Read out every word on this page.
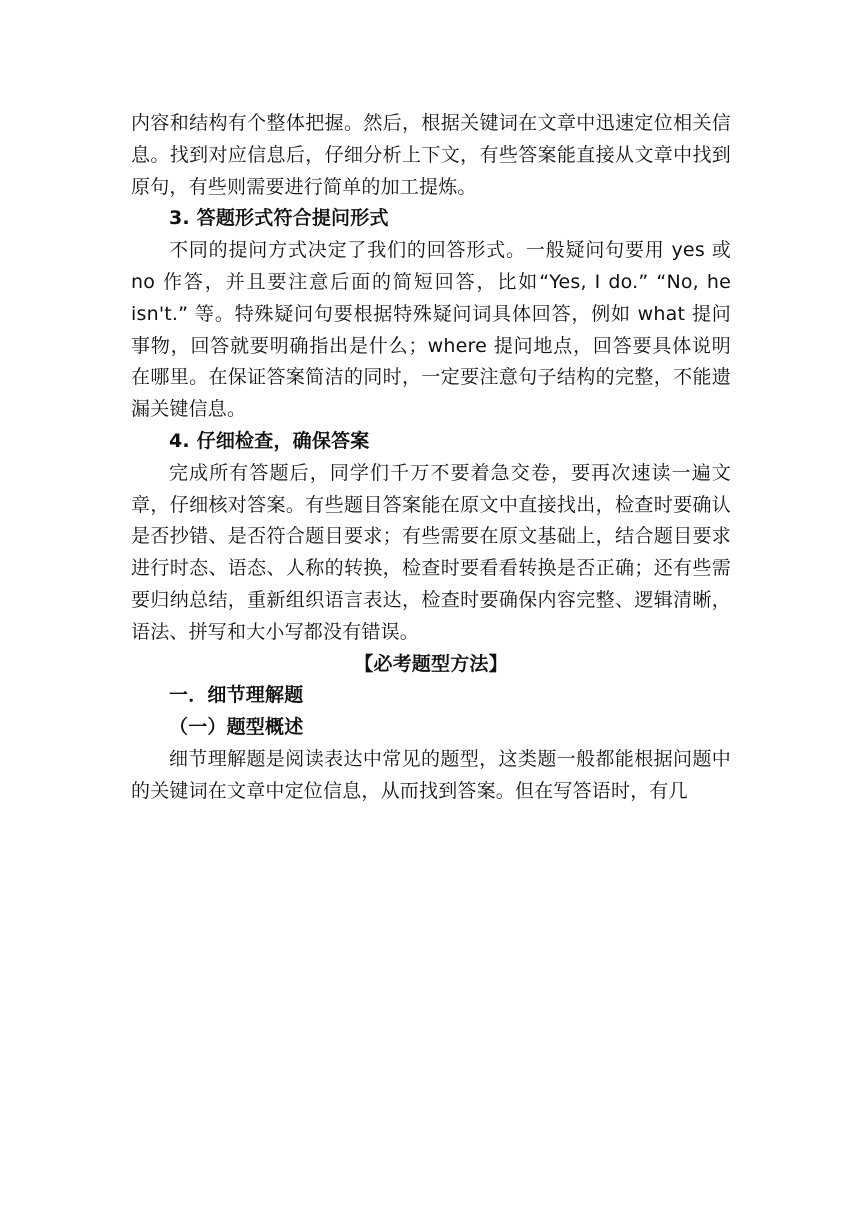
内容和结构有个整体把握。然后，根据关键词在文章中迅速定位相关信息。找到对应信息后，仔细分析上下文，有些答案能直接从文章中找到原句，有些则需要进行简单的加工提炼。

3. 答题形式符合提问形式

不同的提问方式决定了我们的回答形式。一般疑问句要用 yes 或 no 作答，并且要注意后面的简短回答，比如“Yes, I do.” “No, he isn't.” 等。特殊疑问句要根据特殊疑问词具体回答，例如 what 提问事物，回答就要明确指出是什么；where 提问地点，回答要具体说明在哪里。在保证答案简洁的同时，一定要注意句子结构的完整，不能遗漏关键信息。

4. 仔细检查，确保答案

完成所有答题后，同学们千万不要着急交卷，要再次速读一遍文章，仔细核对答案。有些题目答案能在原文中直接找出，检查时要确认是否抄错、是否符合题目要求；有些需要在原文基础上，结合题目要求进行时态、语态、人称的转换，检查时要看看转换是否正确；还有些需要归纳总结，重新组织语言表达，检查时要确保内容完整、逻辑清晰，语法、拼写和大小写都没有错误。

【必考题型方法】

一．细节理解题

（一）题型概述

细节理解题是阅读表达中常见的题型，这类题一般都能根据问题中的关键词在文章中定位信息，从而找到答案。但在写答语时，有几
